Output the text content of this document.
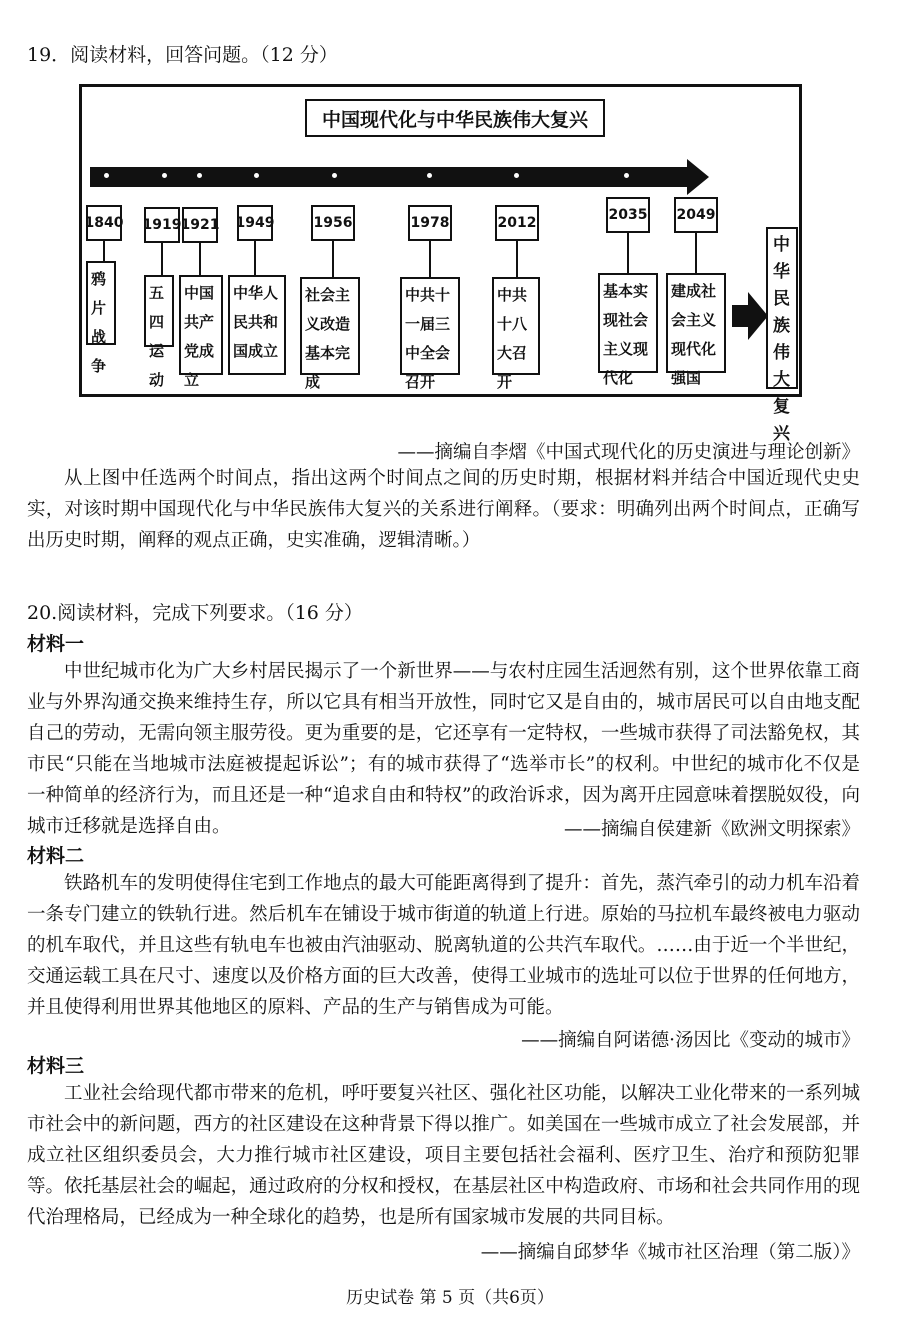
19．阅读材料，回答问题。（12 分）
中国现代化与中华民族伟大复兴
1840
鸦片战争
1919
五四运动
1921
中国共产党成立
1949
中华人民共和国成立
1956
社会主义改造基本完成
1978
中共十一届三中全会召开
2012
中共十八大召开
2035
基本实现社会主义现代化
2049
建成社会主义现代化强国
中华民族伟大复兴
——摘编自李熠《中国式现代化的历史演进与理论创新》

从上图中任选两个时间点，指出这两个时间点之间的历史时期，根据材料并结合中国近现代史史实，对该时期中国现代化与中华民族伟大复兴的关系进行阐释。（要求：明确列出两个时间点，正确写出历史时期，阐释的观点正确，史实准确，逻辑清晰。）

20.阅读材料，完成下列要求。（16 分）
材料一

中世纪城市化为广大乡村居民揭示了一个新世界——与农村庄园生活迥然有别，这个世界依靠工商业与外界沟通交换来维持生存，所以它具有相当开放性，同时它又是自由的，城市居民可以自由地支配自己的劳动，无需向领主服劳役。更为重要的是，它还享有一定特权，一些城市获得了司法豁免权，其市民“只能在当地城市法庭被提起诉讼”；有的城市获得了“选举市长”的权利。中世纪的城市化不仅是一种简单的经济行为，而且还是一种“追求自由和特权”的政治诉求，因为离开庄园意味着摆脱奴役，向城市迁移就是选择自由。	——摘编自侯建新《欧洲文明探索》
材料二

铁路机车的发明使得住宅到工作地点的最大可能距离得到了提升：首先，蒸汽牵引的动力机车沿着一条专门建立的铁轨行进。然后机车在铺设于城市街道的轨道上行进。原始的马拉机车最终被电力驱动的机车取代，并且这些有轨电车也被由汽油驱动、脱离轨道的公共汽车取代。……由于近一个半世纪，交通运载工具在尺寸、速度以及价格方面的巨大改善，使得工业城市的选址可以位于世界的任何地方，并且使得利用世界其他地区的原料、产品的生产与销售成为可能。

——摘编自阿诺德·汤因比《变动的城市》
材料三

工业社会给现代都市带来的危机，呼吁要复兴社区、强化社区功能，以解决工业化带来的一系列城市社会中的新问题，西方的社区建设在这种背景下得以推广。如美国在一些城市成立了社会发展部，并成立社区组织委员会，大力推行城市社区建设，项目主要包括社会福利、医疗卫生、治疗和预防犯罪等。依托基层社会的崛起，通过政府的分权和授权，在基层社区中构造政府、市场和社会共同作用的现代治理格局，已经成为一种全球化的趋势，也是所有国家城市发展的共同目标。

——摘编自邱梦华《城市社区治理（第二版）》
历史试卷 第 5 页（共6页）
